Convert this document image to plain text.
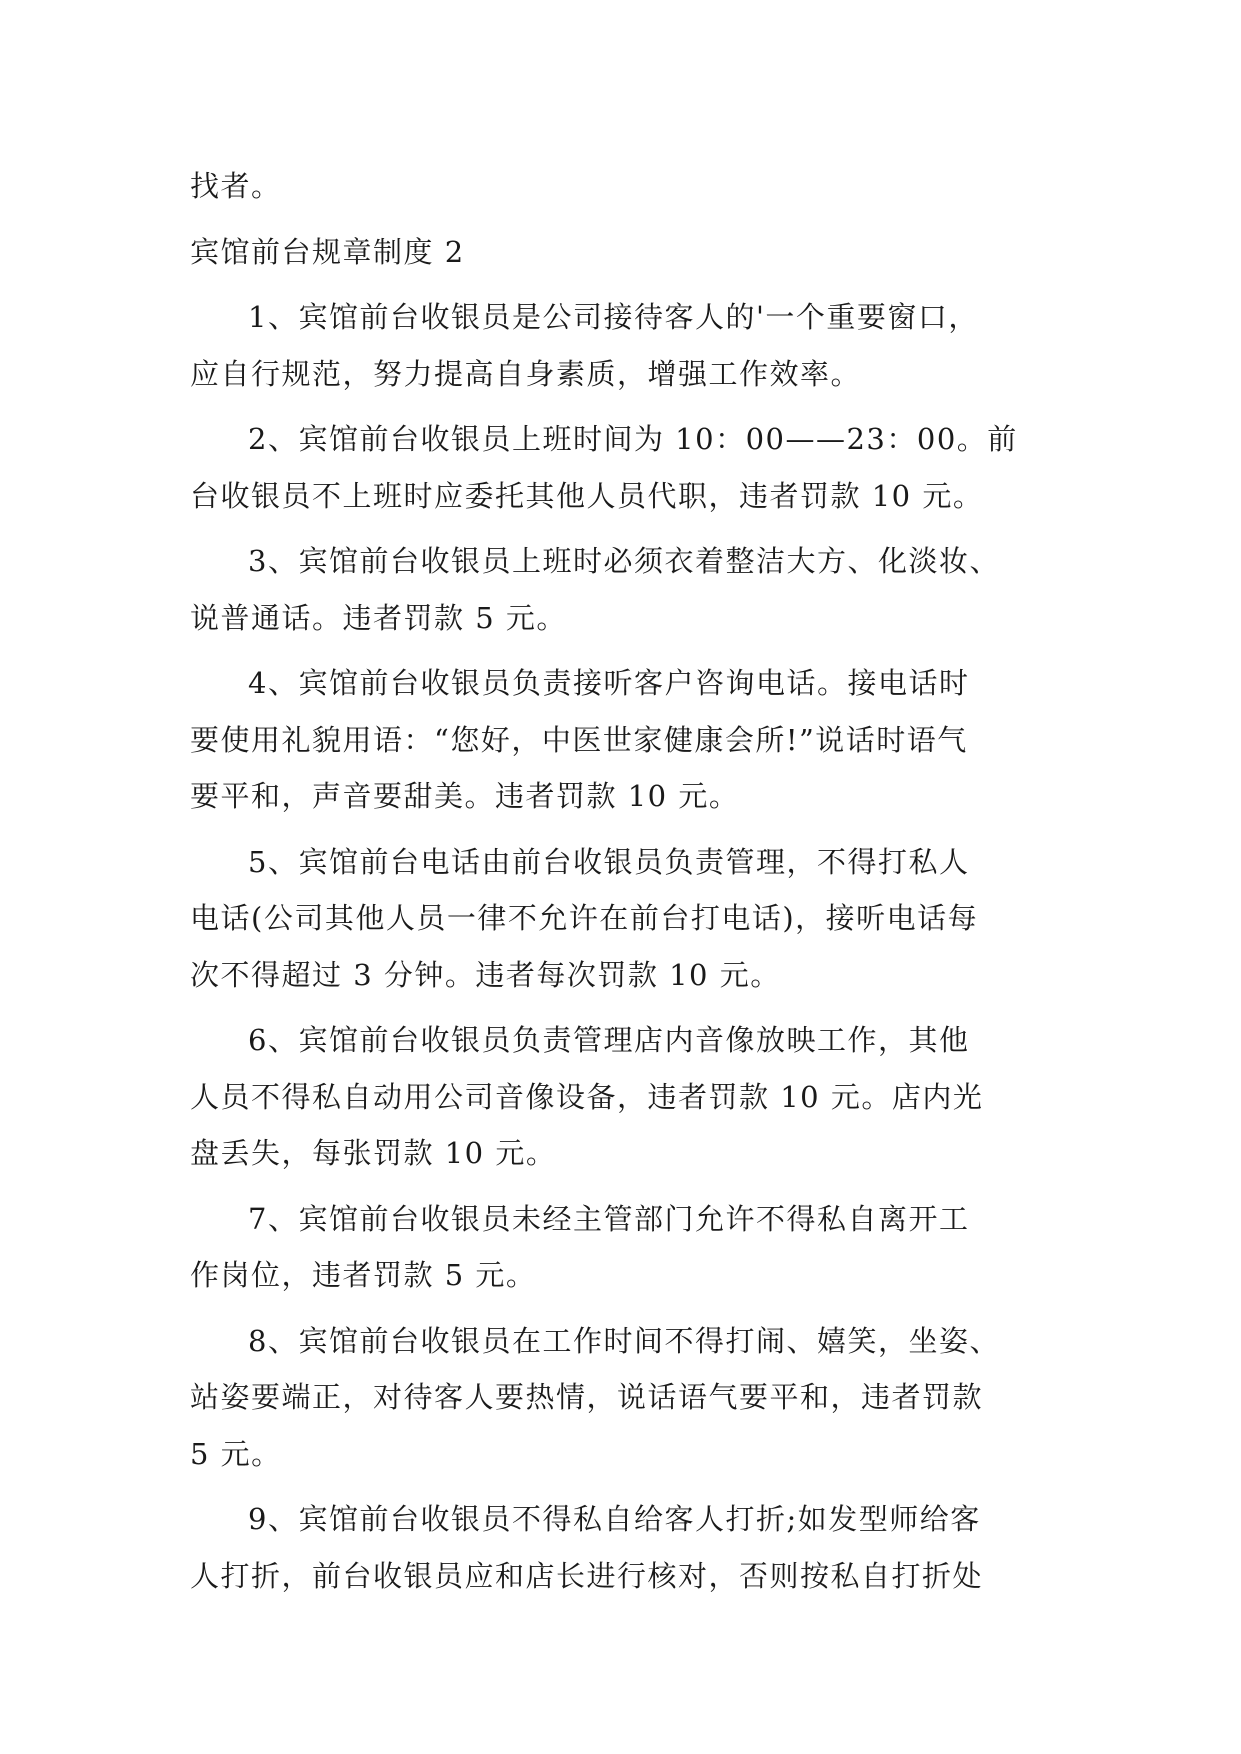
找者。
宾馆前台规章制度 2
1、宾馆前台收银员是公司接待客人的'一个重要窗口，
应自行规范，努力提高自身素质，增强工作效率。
2、宾馆前台收银员上班时间为 10：00——23：00。前
台收银员不上班时应委托其他人员代职，违者罚款 10 元。
3、宾馆前台收银员上班时必须衣着整洁大方、化淡妆、
说普通话。违者罚款 5 元。
4、宾馆前台收银员负责接听客户咨询电话。接电话时
要使用礼貌用语：“您好，中医世家健康会所!”说话时语气
要平和，声音要甜美。违者罚款 10 元。
5、宾馆前台电话由前台收银员负责管理，不得打私人
电话(公司其他人员一律不允许在前台打电话)，接听电话每
次不得超过 3 分钟。违者每次罚款 10 元。
6、宾馆前台收银员负责管理店内音像放映工作，其他
人员不得私自动用公司音像设备，违者罚款 10 元。店内光
盘丢失，每张罚款 10 元。
7、宾馆前台收银员未经主管部门允许不得私自离开工
作岗位，违者罚款 5 元。
8、宾馆前台收银员在工作时间不得打闹、嬉笑，坐姿、
站姿要端正，对待客人要热情，说话语气要平和，违者罚款
5 元。
9、宾馆前台收银员不得私自给客人打折;如发型师给客
人打折，前台收银员应和店长进行核对，否则按私自打折处
